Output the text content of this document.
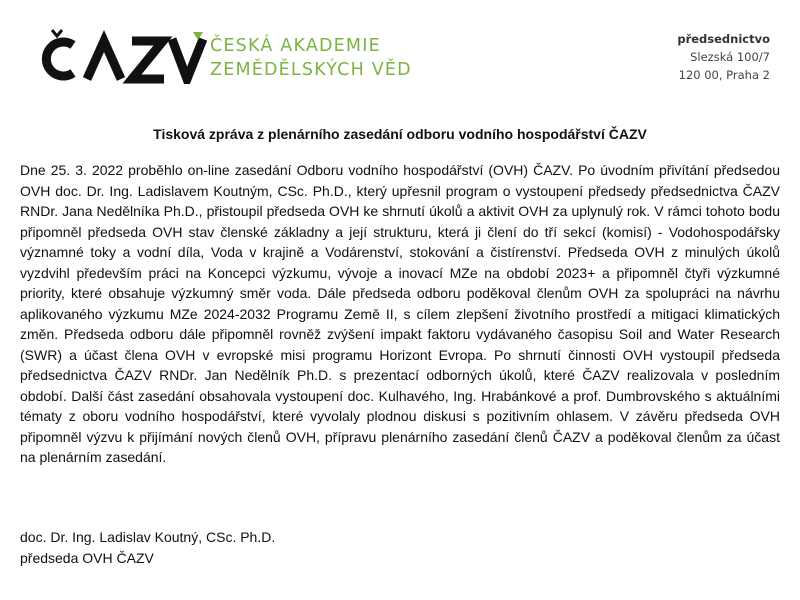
ČESKÁ AKADEMIE
ZEMĚDĚLSKÝCH VĚD
předsednictvo
Slezská 100/7
120 00, Praha 2
Tisková zpráva z plenárního zasedání odboru vodního hospodářství ČAZV
Dne 25. 3. 2022 proběhlo on-line zasedání Odboru vodního hospodářství (OVH) ČAZV. Po úvodním přivítání předsedou OVH doc. Dr. Ing. Ladislavem Koutným, CSc. Ph.D., který upřesnil program o vystoupení předsedy předsednictva ČAZV RNDr. Jana Nedělníka Ph.D., přistoupil předseda OVH ke shrnutí úkolů a aktivit OVH za uplynulý rok. V rámci tohoto bodu připomněl předseda OVH stav členské základny a její strukturu, která ji člení do tří sekcí (komisí) - Vodohospodářsky významné toky a vodní díla, Voda v krajině a Vodárenství, stokování a čistírenství. Předseda OVH z minulých úkolů vyzdvihl především práci na Koncepci výzkumu, vývoje a inovací MZe na období 2023+ a připomněl čtyři výzkumné priority, které obsahuje výzkumný směr voda. Dále předseda odboru poděkoval členům OVH za spolupráci na návrhu aplikovaného výzkumu MZe 2024-2032 Programu Země II, s cílem zlepšení životního prostředí a mitigaci klimatických změn. Předseda odboru dále připomněl rovněž zvýšení impakt faktoru vydávaného časopisu Soil and Water Research (SWR) a účast člena OVH v evropské misi programu Horizont Evropa. Po shrnutí činnosti OVH vystoupil předseda předsednictva ČAZV RNDr. Jan Nedělník Ph.D. s prezentací odborných úkolů, které ČAZV realizovala v posledním období. Další část zasedání obsahovala vystoupení doc. Kulhavého, Ing. Hrabánkové a prof. Dumbrovského s aktuálními tématy z oboru vodního hospodářství, které vyvolaly plodnou diskusi s pozitivním ohlasem. V závěru předseda OVH připomněl výzvu k přijímání nových členů OVH, přípravu plenárního zasedání členů ČAZV a poděkoval členům za účast na plenárním zasedání.
doc. Dr. Ing. Ladislav Koutný, CSc. Ph.D.
předseda OVH ČAZV
